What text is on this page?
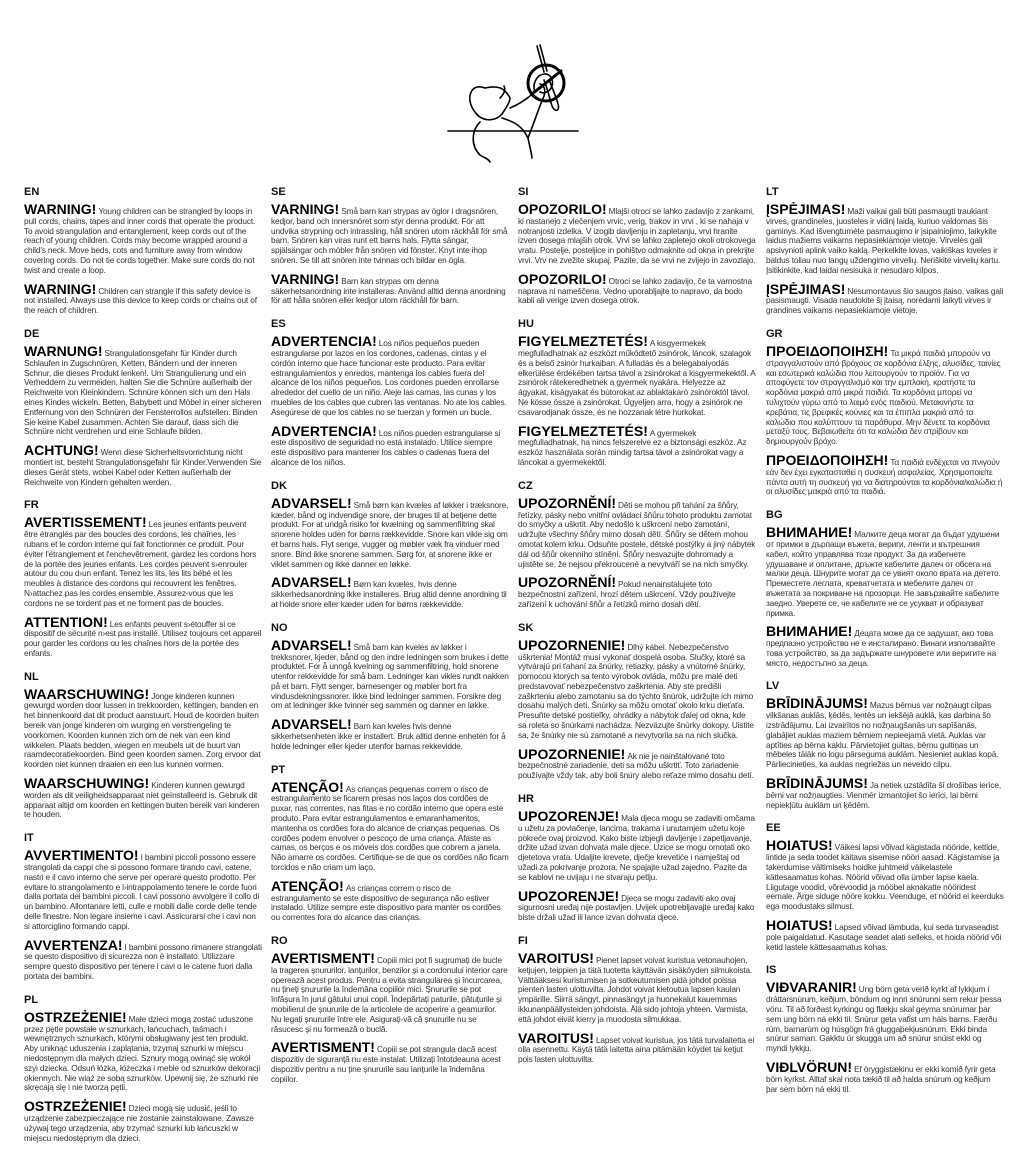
EN
WARNING! Young children can be strangled by loops in pull cords, chains, tapes and inner cords that operate the product. To avoid strangulation and entanglement, keep cords out of the reach of young children. Cords may become wrapped around a child's neck. Move beds, cots and furniture away from window covering cords. Do not tie cords together. Make sure cords do not twist and create a loop.
WARNING! Children can strangle if this safety device is not installed. Always use this device to keep cords or chains out of the reach of children.
DE
WARNUNG! Strangulationsgefahr für Kinder durch Schlaufen in Zugschnüren, Ketten, Bändern und der inneren Schnur, die dieses Produkt lenken!. Um Strangulierung und ein Verheddern zu vermeiden, halten Sie die Schnüre außerhalb der Reichweite von Kleinkindern. Schnüre können sich um den Hals eines Kindes wickeln. Betten, Babybett und Möbel in einer sicheren Entfernung von den Schnüren der Fensterrollos aufstellen. Binden Sie keine Kabel zusammen. Achten Sie darauf, dass sich die Schnüre nicht verdrehen und eine Schlaufe bilden.
ACHTUNG! Wenn diese Sicherheitsvorrichtung nicht montiert ist, besteht Strangulationsgefahr für Kinder.Verwenden Sie dieses Gerät stets, wobei Kabel oder Ketten außerhalb der Reichweite von Kindern gehalten werden.
FR
AVERTISSEMENT! Les jeunes enfants peuvent être étranglés par des boucles des cordons, les chaînes, les rubans et le cordon interne qui fait fonctionner ce produit. Pour éviter l'étranglement et l'enchevêtrement, gardez les cordons hors de la portée des jeunes enfants. Les cordes peuvent s›enrouler autour du cou d›un enfant. Tenez les lits, les lits bébé et les meubles à distance des cordons qui recouvrent les fenêtres. N›attachez pas les cordes ensemble. Assurez-vous que les cordons ne se tordent pas et ne forment pas de boucles.
ATTENTION! Les enfants peuvent s›étouffer si ce dispositif de sécurité n›est pas installé. Utilisez toujours cet appareil pour garder les cordons ou les chaînes hors de la portée des enfants.
NL
WAARSCHUWING! Jonge kinderen kunnen gewurgd worden door lussen in trekkoorden, kettingen, banden en het binnenkoord dat dit product aanstuurt. Houd de koorden buiten bereik van jonge kinderen om wurging en verstrengeling te voorkomen. Koorden kunnen zich om de nek van een kind wikkelen. Plaats bedden, wiegen en meubels uit de buurt van raamdecoratiekoorden. Bind geen koorden samen. Zorg ervoor dat koorden niet kunnen draaien en een lus kunnen vormen.
WAARSCHUWING! Kinderen kunnen gewurgd worden als dit veiligheidsapparaat niet geïnstalleerd is. Gebruik dit apparaat altijd om koorden en kettingen buiten bereik van kinderen te houden.
IT
AVVERTIMENTO! I bambini piccoli possono essere strangolati da cappi che si possono formare tirando cavi, catene, nastri e il cavo interno che serve per operare questo prodotto. Per evitare lo strangolamento e l›intrappolamento tenere le corde fuori dalla portata dei bambini piccoli. I cavi possono avvolgere il collo di un bambino. Allontanare letti, culle e mobili dalle corde delle tende delle finestre. Non legare insieme i cavi. Assicurarsi che i cavi non si attorciglino formando cappi.
AVVERTENZA! I bambini possono rimanere strangolati se questo dispositivo di sicurezza non è installato. Utilizzare sempre questo dispositivo per tenere i cavi o le catene fuori dalla portata dei bambini.
PL
OSTRZEŻENIE! Małe dzieci mogą zostać uduszone przez pętle powstałe w sznurkach, łańcuchach, taśmach i wewnętrznych sznurkach, którymi obsługiwany jest ten produkt. Aby uniknąć uduszenia i zaplątania, trzymaj sznurki w miejscu niedostępnym dla małych dzieci. Sznury mogą owinąć się wokół szyi dziecka. Odsuń łóżka, łóżeczka i meble od sznurków dekoracji okiennych. Nie wiąż ze sobą sznurków. Upewnij się, że sznurki nie skręcają się i nie tworzą pętli.
OSTRZEŻENIE! Dzieci mogą się udusić, jeśli to urządzenie zabezpieczające nie zostanie zainstalowane. Zawsze używaj tego urządzenia, aby trzymać sznurki lub łańcuszki w miejscu niedostępnym dla dzieci.
SE
VARNING! Små barn kan strypas av öglor i dragsnören, kedjor, band och innersnöret som styr denna produkt. För att undvika strypning och intrassling, håll snören utom räckhåll för små barn. Snören kan viras runt ett barns hals. Flytta sängar, spjälsängar och möbler från snören vid fönster. Knyt inte ihop snören. Se till att snören inte tvinnas och bildar en ögla.
VARNING! Barn kan strypas om denna säkerhetsanordning inte installeras. Använd alltid denna anordning för att hålla snören eller kedjor utom räckhåll för barn.
ES
ADVERTENCIA! Los niños pequeños pueden estrangularse por lazos en los cordones, cadenas, cintas y el cordón interno que hace funcionar este producto. Para evitar estrangulamientos y enredos, mantenga los cables fuera del alcance de los niños pequeños. Los cordones pueden enrollarse alrededor del cuello de un niño. Aleje las camas, las cunas y los muebles de los cables que cubren las ventanas. No ate los cables. Asegúrese de que los cables no se tuerzan y formen un bucle.
ADVERTENCIA! Los niños pueden estrangularse si este dispositivo de seguridad no está instalado. Utilice siempre este dispositivo para mantener los cables o cadenas fuera del alcance de los niños.
DK
ADVARSEL! Små børn kan kvæles af løkker i træksnore, kæder, bånd og indvendige snore, der bruges til at betjene dette produkt. For at undgå risiko for kvælning og sammenfiltring skal snorene holdes uden for børns rækkevidde. Snore kan vikle sig om et barns hals. Flyt senge, vugger og møbler væk fra vinduer med snore. Bind ikke snorene sammen. Sørg for, at snorene ikke er viklet sammen og ikke danner en løkke.
ADVARSEL! Børn kan kvæles, hvis denne sikkerhedsanordning ikke installeres. Brug altid denne anordning til at holde snore eller kæder uden for børns rækkevidde.
NO
ADVARSEL! Små barn kan kveles av løkker i trekksnorer, kjeder, bånd og den indre ledningen som brukes i dette produktet. For å unngå kvelning og sammenfiltring, hold snorene utenfor rekkevidde for små barn. Ledninger kan vikles rundt nakken på et barn. Flytt senger, barnesenger og møbler bort fra vindusdekningssnorer. Ikke bind ledninger sammen. Forsikre deg om at ledninger ikke tvinner seg sammen og danner en løkke.
ADVARSEL! Barn kan kveles hvis denne sikkerhetsenheten ikke er installert. Bruk alltid denne enheten for å holde ledninger eller kjeder utenfor barnas rekkevidde.
PT
ATENÇÃO! As crianças pequenas correm o risco de estrangulamento se ficarem presas nos laços dos cordões de puxar, nas correntes, nas fitas e no cordão interno que opera este produto. Para evitar estrangulamentos e emaranhamentos, mantenha os cordões fora do alcance de crianças pequenas. Os cordões podem envolver o pescoço de uma criança. Afaste as camas, os berços e os móveis dos cordões que cobrem a janela. Não amarre os cordões. Certifique-se de que os cordões não ficam torcidos e não criam um laço.
ATENÇÃO! As crianças correm o risco de estrangulamento se este dispositivo de segurança não estiver instalado. Utilize sempre este dispositivo para manter os cordões ou correntes fora do alcance das crianças.
RO
AVERTISMENT! Copiii mici pot fi sugrumați de bucle la tragerea șnururilor, lanțurilor, benzilor și a cordonului interior care operează acest produs. Pentru a evita strangularea și încurcarea, nu țineți șnururile la îndemâna copiilor mici. Șnururile se pot înfășura în jurul gâtului unui copil. Îndepărtați paturile, pătuțurile și mobilierul de șnururile de la articolele de acoperire a geamurilor. Nu legați șnururile între ele. Asigurați-vă că șnururile nu se răsucesc și nu formează o buclă.
AVERTISMENT! Copiii se pot strangula dacă acest dispozitiv de siguranță nu este instalat. Utilizați întotdeauna acest dispozitiv pentru a nu ține șnururile sau lanțurile la îndemâna copiilor.
SI
OPOZORILO! Mlajši otroci se lahko zadavijo z zankami, ki nastanejo z vlečenjem vrvic, verig, trakov in vrvi , ki se nahaja v notranjosti izdelka. V izogib davljenju in zapletanju, vrvi hranite izven dosega mlajših otrok. Vrvi se lahko zapletejo okoli otrokovega vratu. Postelje, posteljice in pohištvo odmaknite od okna in prekrijte vrvi. Vrv ne zvežite skupaj. Pazite, da se vrvi ne zvijejo in zavozlajo.
OPOZORILO! Otroci se lahko zadavijo, če ta varnostna naprava ni nameščena. Vedno uporabljajte to napravo, da bodo kabli ali verige izven dosega otrok.
HU
FIGYELMEZTETÉS! A kisgyermekek megfulladhatnak az eszközt működtető zsinórok, láncok, szalagok és a belső zsinór hurkaiban. A fulladás és a belegabalyodás elkerülése érdekében tartsa távol a zsinórokat a kisgyermekektől. A zsinórok rátekeredhetnek a gyermek nyakára. Helyezze az ágyakat, kiságyakat és bútorokat az ablaktakaró zsinóroktól távol. Ne kösse össze a zsinórokat. Ügyeljen arra, hogy a zsinórok ne csavarodjanak össze, és ne hozzanak létre hurkokat.
FIGYELMEZTETÉS! A gyermekek megfulladhatnak, ha nincs felszerelve ez a biztonsági eszköz. Az eszköz használata során mindig tartsa távol a zsinórokat vagy a láncokat a gyermekektől.
CZ
UPOZORNĚNÍ! Děti se mohou při tahání za šňůry, řetízky, pásky nebo vnitřní ovládací šňůru tohoto produktu zamotat do smyčky a uškrtit. Aby nedošlo k uškrcení nebo zamotání, udržujte všechny šňůry mimo dosah dětí. Šňůry se dětem mohou omotat kolem krku. Odsuňte postele, dětské postýlky a jiný nábytek dál od šňůr okenního stínění. Šňůry nesvazujte dohromady a ujistěte se, že nejsou překroucené a nevytváří se na nich smyčky.
UPOZORNĚNÍ! Pokud nenainstalujete toto bezpečnostní zařízení, hrozí dětem uškrcení. Vždy používejte zařízení k uchování šňůr a řetízků mimo dosah dětí.
SK
UPOZORNENIE! Dlhý kábel. Nebezpečenstvo uškrtenia! Montáž musí vykonať dospelá osoba. Slučky, ktoré sa vytvárajú pri ťahaní za šnúrky, retiazky, pásky a vnútorné šnúrky, pomocou ktorých sa tento výrobok ovláda, môžu pre malé deti predstavovať nebezpečenstvo zaškrtenia. Aby ste predišli zaškrteniu alebo zamotaniu sa do týchto šnúrok, udržujte ich mimo dosahu malých detí. Šnúrky sa môžu omotať okolo krku dieťaťa. Presuňte detské postieľky, ohrádky a nábytok ďalej od okna, kde sa roleta so šnúrkami nachádza. Nezväzujte šnúrky dokopy. Uistite sa, že šnúrky nie sú zamotané a nevytvorila sa na nich slučka.
UPOZORNENIE! Ak nie je nainštalované toto bezpečnostné zariadenie, deti sa môžu uškrtiť. Toto zariadenie používajte vždy tak, aby boli šnúry alebo reťaze mimo dosahu detí.
HR
UPOZORENJE! Mala djeca mogu se zadaviti omčama u užetu za povlačenje, lancima, trakama i unutarnjem užetu koje pokreće ovaj proizvod. Kako biste izbjegli davljenje i zapetljavanje, držite užad izvan dohvata male djece. Uzice se mogu omotati oko djetetova vrata. Udaljite krevete, dječje krevetiće i namještaj od užadi za pokrivanje prozora. Ne spajajte užad zajedno. Pazite da se kablovi ne uvijaju i ne stvaraju petlju.
UPOZORENJE! Djeca se mogu zadaviti ako ovaj sigurnosni uređaj nije postavljen. Uvijek upotrebljavajte uređaj kako biste držali užad ili lance izvan dohvata djece.
FI
VAROITUS! Pienet lapset voivat kuristua vetonauhojen, ketjujen, teippien ja tätä tuotetta käyttävän sisäköyden silmukoista. Välttääksesi kuristumisen ja sotkeutumisen pidä johdot poissa pienten lasten ulottuvilta. Johdot voivat kietoutua lapsen kaulan ympärille. Siirrä sängyt, pinnasängyt ja huonekalut kauemmas ikkunanpäällysteiden johdoista. Älä sido johtoja yhteen. Varmista, että johdot eivät kierry ja muodosta silmukkaa.
VAROITUS! Lapset voivat kuristua, jos tätä turvalaitetta ei olla asennettu. Käytä tätä laitetta aina pitämään köydet tai ketjut pois lasten ulottuvilta.
LT
ĮSPĖJIMAS! Maži vaikai gali būti pasmaugti traukiant virves, grandineles, juosteles ir vidinį laidą, kuriuo valdomas šis gaminys. Kad išvengtumėte pasmaugimo ir įsipainiojimo, laikykite laidus mažiems vaikams nepasiekiamoje vietoje. Virvelės gali apsivynioti aplink vaiko kaklą. Perkelkite lovas, vaikiškas loveles ir baldus toliau nuo langų uždengimo virvelių. Neriškite virvelių kartu. Įsitikinkite, kad laidai nesisuka ir nesudaro kilpos.
ĮSPĖJIMAS! Nesumontavus šio saugos įtaiso, vaikas gali pasismaugti. Visada naudokite šį įtaisą, norėdami laikyti virves ir grandines vaikams nepasiekiamoje vietoje.
GR
ΠΡΟΕΙΔΟΠΟΙΗΣΗ! Τα μικρά παιδιά μπορούν να στραγγαλιστούν από βρόχους σε κορδόνια έλξης, αλυσίδες, ταινίες και εσωτερικά καλώδια που λειτουργούν το προϊόν. Για να αποφύγετε τον στραγγαλισμό και την εμπλοκή, κρατήστε τα κορδόνια μακριά από μικρά παιδιά. Τα κορδόνια μπορεί να τυλιχτούν γύρω από το λαιμό ενός παιδιού. Μετακινήστε τα κρεβάτια, τις βρεφικές κούνιες και τα έπιπλα μακριά από τα καλώδια που καλύπτουν τα παράθυρα. Μην δένετε τα κορδόνια μεταξύ τους. Βεβαιωθείτε ότι τα καλώδια δεν στρίβουν και δημιουργούν βρόχο.
ΠΡΟΕΙΔΟΠΟΙΗΣΗ! Τα παιδιά ενδέχεται να πνιγούν εάν δεν έχει εγκατασταθεί η συσκευή ασφαλείας. Χρησιμοποιείτε πάντα αυτή τη συσκευή για να διατηρούνται τα κορδόνια/καλώδια ή οι αλυσίδες μακριά από τα παιδιά.
BG
ВНИМАНИЕ! Малките деца могат да бъдат удушени от примки в дърпащи въжета, вериги, ленти и вътрешния кабел, който управлява този продукт. За да избегнете удушаване и оплитане, дръжте кабелите далеч от обсега на малки деца. Шнурите могат да се увият около врата на детето. Преместете леглата, креватчетата и мебелите далеч от въжетата за покриване на прозорци. Не завързвайте кабелите заедно. Уверете се, че кабелите не се усукват и образуват примка.
ВНИМАНИЕ! Децата може да се задушат, ако това предпазно устройство не е инсталирано. Винаги използвайте това устройство, за да задържате шнуровете или веригите на място, недостъпно за деца.
LV
BRĪDINĀJUMS! Mazus bērnus var nožņaugt cilpas vilkšanas auklās, ķēdēs, lentēs un iekšējā auklā, kas darbina šo izstrādājumu. Lai izvairītos no nožņaugšanās un sapīšanās, glabājiet auklas maziem bērniem nepieejamā vietā. Auklas var aptīties ap bērna kaklu. Pārvietojiet gultas, bērnu gultiņas un mēbeles tālāk no logu pārseguma auklām. Nesieniet auklas kopā. Pārliecinieties, ka auklas negriežas un neveido cilpu.
BRĪDINĀJUMS! Ja netiek uzstādīta šī drošības ierīce, bērni var nožņaugties. Vienmēr izmantojiet šo ierīci, lai bērni nepiekļūtu auklām un ķēdēm.
EE
HOIATUS! Väikesi lapsi võivad kägistada nööride, kettide, lintide ja seda toodet käitava sisemise nööri aasad. Kägistamise ja takerdumise vältimiseks hoidke juhtmeid väikelastele kättesaamatus kohas. Nöörid võivad olla ümber lapse kaela. Liigutage voodid, võrevoodid ja mööbel aknakatte nööridest eemale. Ärge siduge nööre kokku. Veenduge, et nöörid ei keerduks ega moodustaks silmust.
HOIATUS! Lapsed võivad lämbuda, kui seda turvaseadist pole paigaldatud. Kasutage seadet alati selleks, et hoida nöörid või ketid lastele kättesaamatus kohas.
IS
VIÐVARANIR! Ung börn geta verið kyrkt af lykkjum í dráttarsnúrum, keðjum, böndum og innri snúrunni sem rekur þessa vöru. Til að forðast kyrkingu og flækju skal geyma snúrurnar þar sem ung börn ná ekki til. Snúrur geta vafist um háls barns. Færðu rúm, barnarúm og húsgögn frá gluggaþekjusnúrum. Ekki binda snúrur saman. Gakktu úr skugga um að snúrur snúist ekki og myndi lykkju.
VIÐLVÖRUN! Ef öryggistækinu er ekki komið fyrir geta börn kyrkst. Alltaf skal nota tækið til að halda snúrum og keðjum þar sem börn ná ekki til.
